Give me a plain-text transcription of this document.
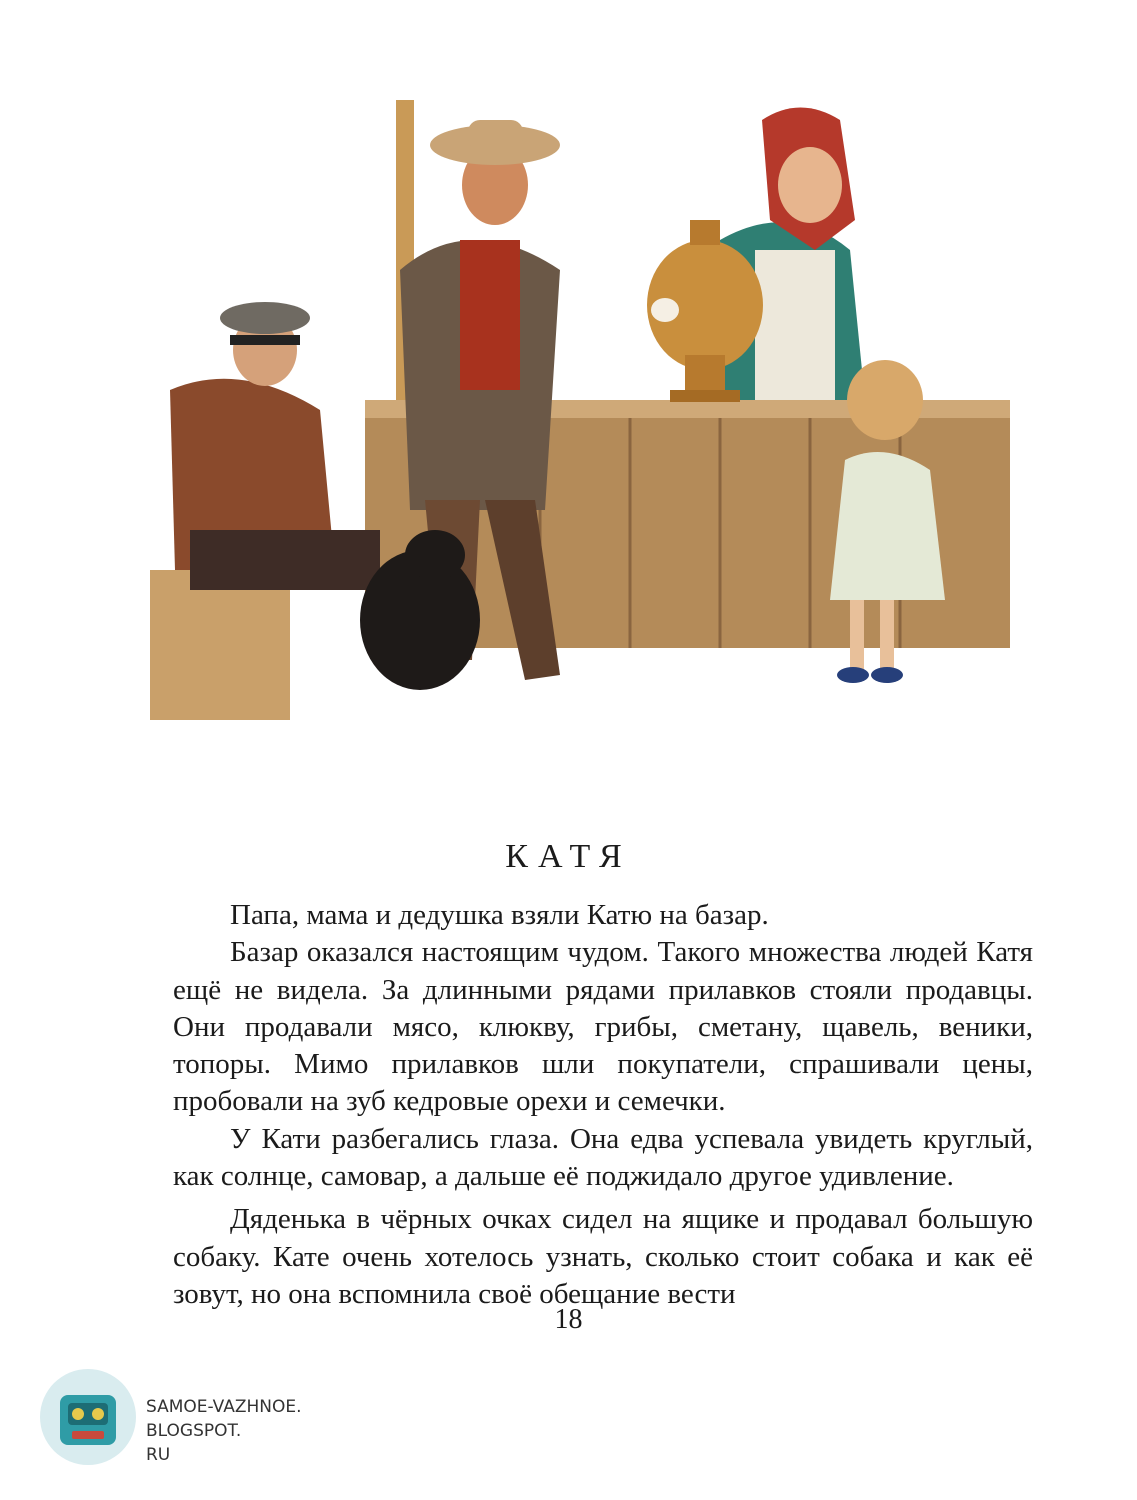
КАТЯ

Папа, мама и дедушка взяли Катю на базар.

Базар оказался настоящим чудом. Такого множества людей Катя ещё не видела. За длинными рядами прилавков стояли продавцы. Они продавали мясо, клюкву, грибы, сметану, щавель, веники, топоры. Мимо прилавков шли покупатели, спрашивали цены, пробовали на зуб кедровые орехи и семечки.

У Кати разбегались глаза. Она едва успевала увидеть круглый, как солнце, самовар, а дальше её поджидало другое удивление.

Дяденька в чёрных очках сидел на ящике и продавал большую собаку. Кате очень хотелось узнать, сколько стоит собака и как её зовут, но она вспомнила своё обещание вести

18
SAMOE-VAZHNOE.
BLOGSPOT.
RU
